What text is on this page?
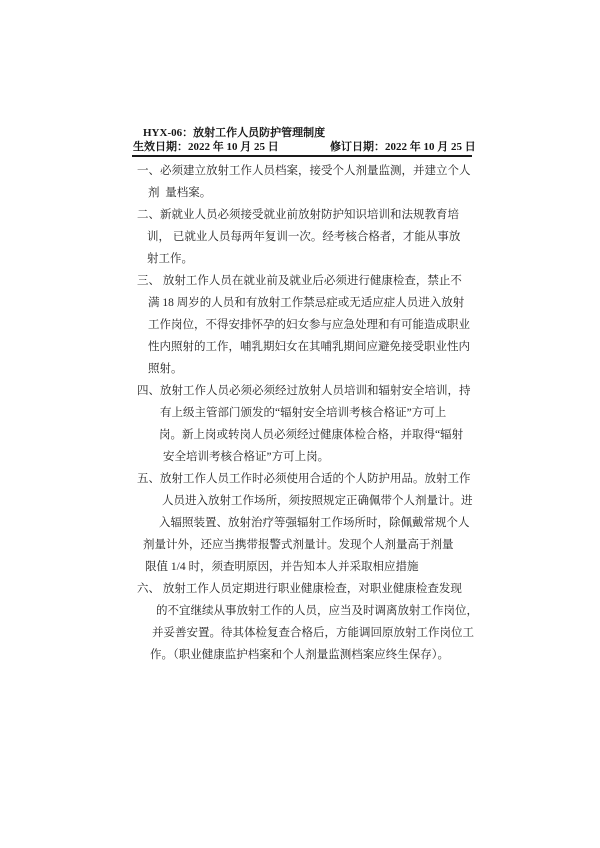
HYX-06：放射工作人员防护管理制度
生效日期：2022 年 10 月 25 日	修订日期：2022 年 10 月 25 日
一、必须建立放射工作人员档案，接受个人剂量监测，并建立个人
剂  量档案。
二、新就业人员必须接受就业前放射防护知识培训和法规教育培
训， 已就业人员每两年复训一次。经考核合格者，才能从事放
射工作。
三、 放射工作人员在就业前及就业后必须进行健康检查，禁止不
满 18 周岁的人员和有放射工作禁忌症或无适应症人员进入放射
工作岗位，不得安排怀孕的妇女参与应急处理和有可能造成职业
性内照射的工作，哺乳期妇女在其哺乳期间应避免接受职业性内
照射。
四、放射工作人员必须必须经过放射人员培训和辐射安全培训，持
有上级主管部门颁发的“辐射安全培训考核合格证”方可上
岗。新上岗或转岗人员必须经过健康体检合格，并取得“辐射
安全培训考核合格证”方可上岗。
五、放射工作人员工作时必须使用合适的个人防护用品。放射工作
人员进入放射工作场所，须按照规定正确佩带个人剂量计。进
入辐照装置、放射治疗等强辐射工作场所时，除佩戴常规个人
剂量计外，还应当携带报警式剂量计。发现个人剂量高于剂量
限值 1/4 时，须查明原因，并告知本人并采取相应措施
六、 放射工作人员定期进行职业健康检查，对职业健康检查发现
的不宜继续从事放射工作的人员，应当及时调离放射工作岗位，
并妥善安置。待其体检复查合格后，方能调回原放射工作岗位工
作。（职业健康监护档案和个人剂量监测档案应终生保存）。
